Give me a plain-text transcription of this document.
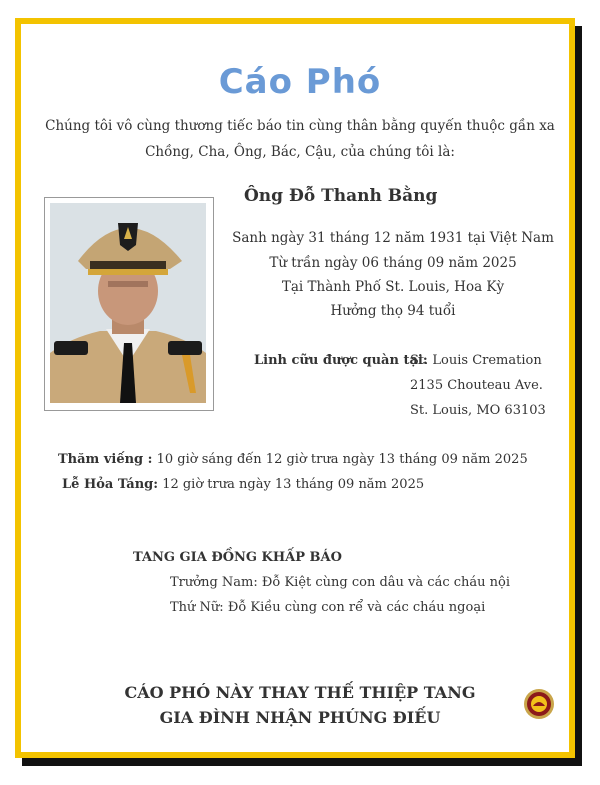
Cáo Phó
Chúng tôi vô cùng thương tiếc báo tin cùng thân bằng quyến thuộc gần xa
Chồng, Cha, Ông, Bác, Cậu, của chúng tôi là:
Ông Đỗ Thanh Bằng
Sanh ngày 31 tháng 12 năm 1931 tại Việt Nam
Từ trần ngày 06 tháng 09 năm 2025
Tại Thành Phố St. Louis, Hoa Kỳ
Hưởng thọ 94 tuổi
Linh cữu được quàn tại:
St. Louis Cremation
2135 Chouteau Ave.
St. Louis, MO 63103
Thăm viếng : 10 giờ sáng đến 12 giờ trưa ngày 13 tháng 09 năm 2025
Lễ Hỏa Táng: 12 giờ trưa ngày 13 tháng 09 năm 2025
TANG GIA ĐỒNG KHẤP BÁO
Trưởng Nam: Đỗ Kiệt cùng con dâu và các cháu nội
Thứ Nữ: Đỗ Kiều cùng con rể và các cháu ngoại
CÁO PHÓ NÀY THAY THẾ THIỆP TANG
GIA ĐÌNH NHẬN PHÚNG ĐIẾU
